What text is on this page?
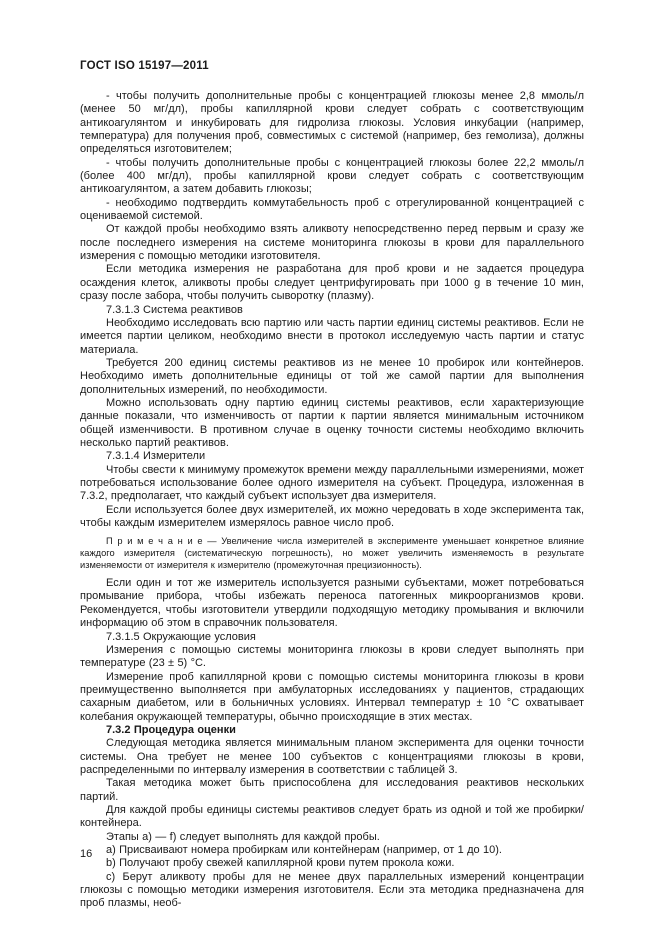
ГОСТ ISO 15197—2011

- чтобы получить дополнительные пробы с концентрацией глюкозы менее 2,8 ммоль/л (менее 50 мг/дл), пробы капиллярной крови следует собрать с соответствующим антикоагулянтом и инкубировать для гидролиза глюкозы. Условия инкубации (например, температура) для получения проб, совместимых с системой (например, без гемолиза), должны определяться изготовителем;

- чтобы получить дополнительные пробы с концентрацией глюкозы более 22,2 ммоль/л (более 400 мг/дл), пробы капиллярной крови следует собрать с соответствующим антикоагулянтом, а затем добавить глюкозы;

- необходимо подтвердить коммутабельность проб с отрегулированной концентрацией с оцениваемой системой.

От каждой пробы необходимо взять аликвоту непосредственно перед первым и сразу же после последнего измерения на системе мониторинга глюкозы в крови для параллельного измерения с помощью методики изготовителя.

Если методика измерения не разработана для проб крови и не задается процедура осаждения клеток, аликвоты пробы следует центрифугировать при 1000 g в течение 10 мин, сразу после забора, чтобы получить сыворотку (плазму).

7.3.1.3 Система реактивов

Необходимо исследовать всю партию или часть партии единиц системы реактивов. Если не имеется партии целиком, необходимо внести в протокол исследуемую часть партии и статус материала.

Требуется 200 единиц системы реактивов из не менее 10 пробирок или контейнеров. Необходимо иметь дополнительные единицы от той же самой партии для выполнения дополнительных измерений, по необходимости.

Можно использовать одну партию единиц системы реактивов, если характеризующие данные показали, что изменчивость от партии к партии является минимальным источником общей изменчивости. В противном случае в оценку точности системы необходимо включить несколько партий реактивов.

7.3.1.4 Измерители

Чтобы свести к минимуму промежуток времени между параллельными измерениями, может потребоваться использование более одного измерителя на субъект. Процедура, изложенная в 7.3.2, предполагает, что каждый субъект использует два измерителя.

Если используется более двух измерителей, их можно чередовать в ходе эксперимента так, чтобы каждым измерителем измерялось равное число проб.

П р и м е ч а н и е — Увеличение числа измерителей в эксперименте уменьшает конкретное влияние каждого измерителя (систематическую погрешность), но может увеличить изменяемость в результате изменяемости от измерителя к измерителю (промежуточная прецизионность).

Если один и тот же измеритель используется разными субъектами, может потребоваться промывание прибора, чтобы избежать переноса патогенных микроорганизмов крови. Рекомендуется, чтобы изготовители утвердили подходящую методику промывания и включили информацию об этом в справочник пользователя.

7.3.1.5 Окружающие условия

Измерения с помощью системы мониторинга глюкозы в крови следует выполнять при температуре (23 ± 5) °C.

Измерение проб капиллярной крови с помощью системы мониторинга глюкозы в крови преимущественно выполняется при амбулаторных исследованиях у пациентов, страдающих сахарным диабетом, или в больничных условиях. Интервал температур ± 10 °C охватывает колебания окружающей температуры, обычно происходящие в этих местах.

7.3.2 Процедура оценки

Следующая методика является минимальным планом эксперимента для оценки точности системы. Она требует не менее 100 субъектов с концентрациями глюкозы в крови, распределенными по интервалу измерения в соответствии с таблицей 3.

Такая методика может быть приспособлена для исследования реактивов нескольких партий.

Для каждой пробы единицы системы реактивов следует брать из одной и той же пробирки/контейнера.

Этапы a) — f) следует выполнять для каждой пробы.

a) Присваивают номера пробиркам или контейнерам (например, от 1 до 10).

b) Получают пробу свежей капиллярной крови путем прокола кожи.

c) Берут аликвоту пробы для не менее двух параллельных измерений концентрации глюкозы с помощью методики измерения изготовителя. Если эта методика предназначена для проб плазмы, необ-

16
